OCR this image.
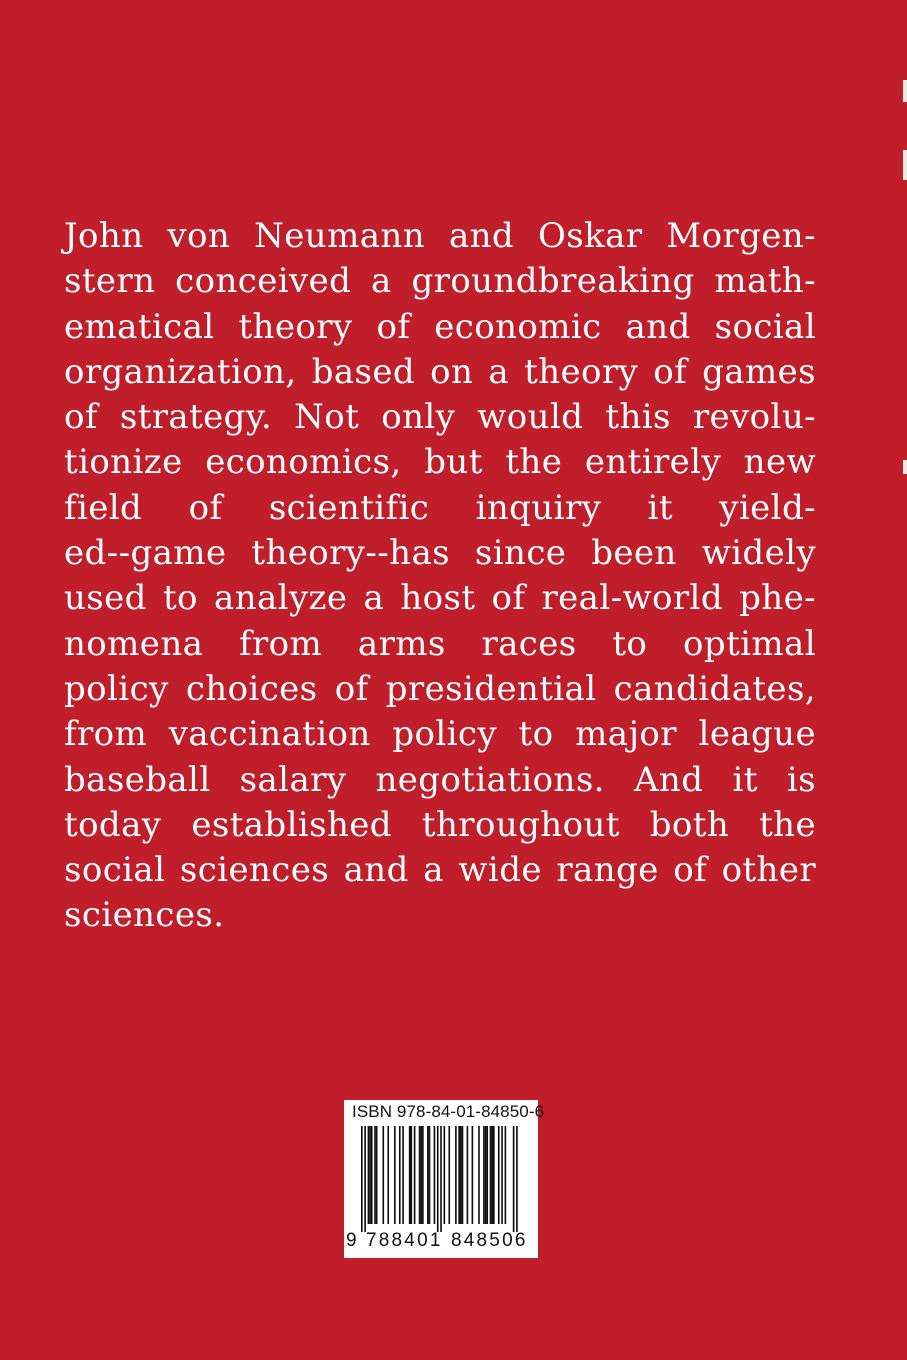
John von Neumann and Oskar Morgen-
stern conceived a groundbreaking math-
ematical theory of economic and social
organization, based on a theory of games
of strategy. Not only would this revolu-
tionize economics, but the entirely new
field of scientific inquiry it yield-
ed--game theory--has since been widely
used to analyze a host of real-world phe-
nomena from arms races to optimal
policy choices of presidential candidates,
from vaccination policy to major league
baseball salary negotiations. And it is
today established throughout both the
social sciences and a wide range of other
sciences.
ISBN 978-84-01-84850-6
9 788401 848506
